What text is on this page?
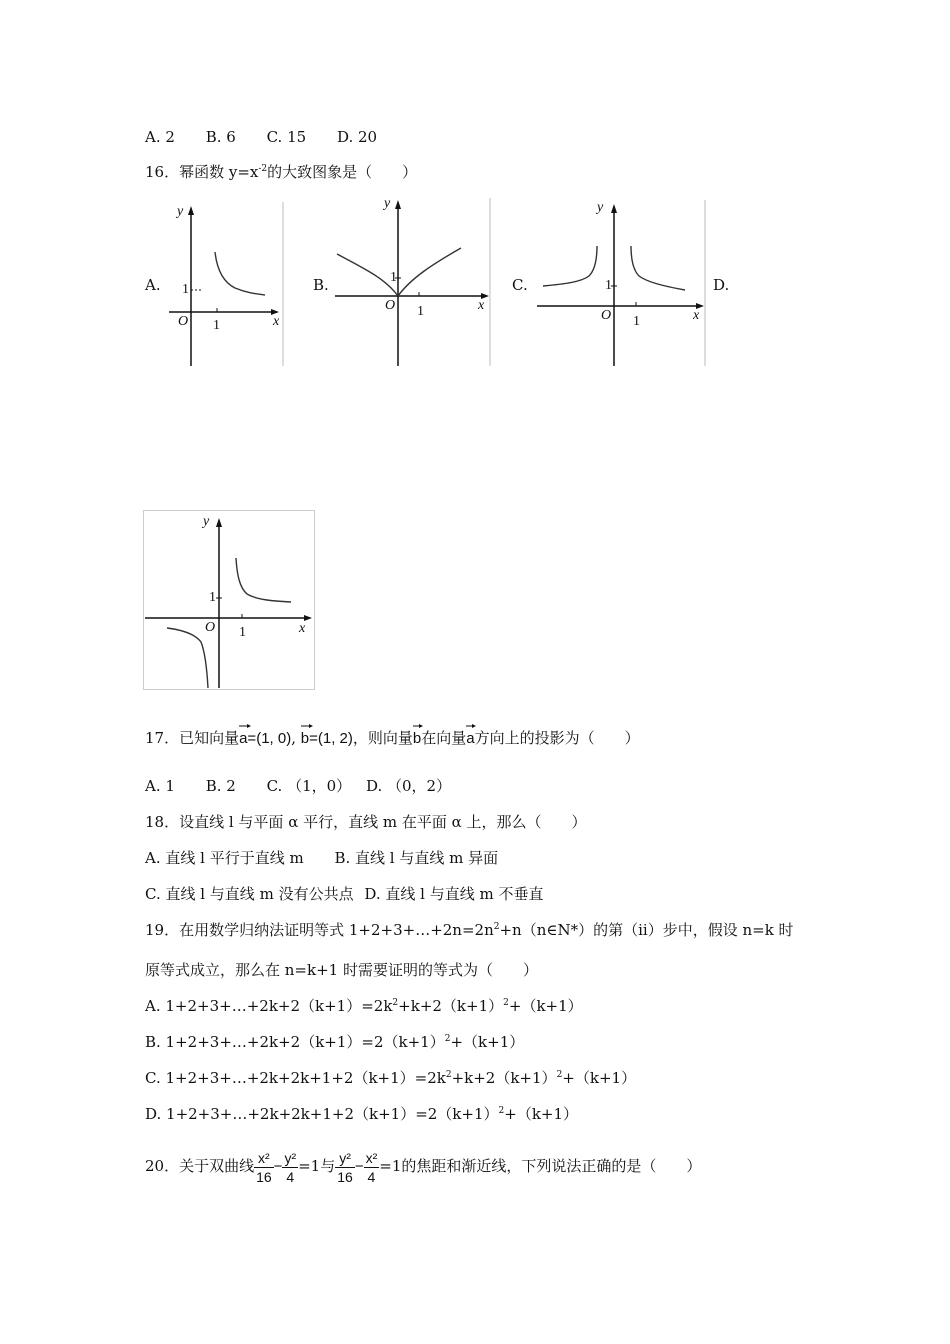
A. 2 B. 6 C. 15 D. 20
16．幂函数 $y=x^{-2}$的大致图象是（　　）
A.	B.	C.	D.
y
x
O
1
1
y
x
O
1
1
y
x
O
1
1
y
x
O
1
1
17．已知向量
a=(1, 0), b=(1, 2)，则向量
b在向量
a方向上的投影为（　　）
A. 1 B. 2 C. （1，0） D. （0，2）
18．设直线 l 与平面 α 平行，直线 m 在平面 α 上，那么（　　）
A. 直线 l 平行于直线 m B. 直线 l 与直线 m 异面
C. 直线 l 与直线 m 没有公共点 D. 直线 l 与直线 m 不垂直
19．在用数学归纳法证明等式 $1+2+3+\dots+2n=2n^2+n(n\in N*)$的第（ii）步中，假设 n=k 时
原等式成立，那么在 n=k+1 时需要证明的等式为（　　）
A. $1+2+3+\dots+2k+2(k+1)=2k^2+k+2(k+1)^2+(k+1)$
B. $1+2+3+\dots+2k+2(k+1)=2(k+1)^2+(k+1)$
C. $1+2+3+\dots+2k+2k+1+2(k+1)=2k^2+k+2(k+1)^2+(k+1)$
D. $1+2+3+\dots+2k+2k+1+2(k+1)=2(k+1)^2+(k+1)$
20．关于双曲线 $\frac{\text{x²}}{16} - \frac{\text{y²}}{4} =1$与 $\frac{\text{y²}}{16} - \frac{\text{x²}}{4} =1$的焦距和渐近线，下列说法正确的是（　　）
